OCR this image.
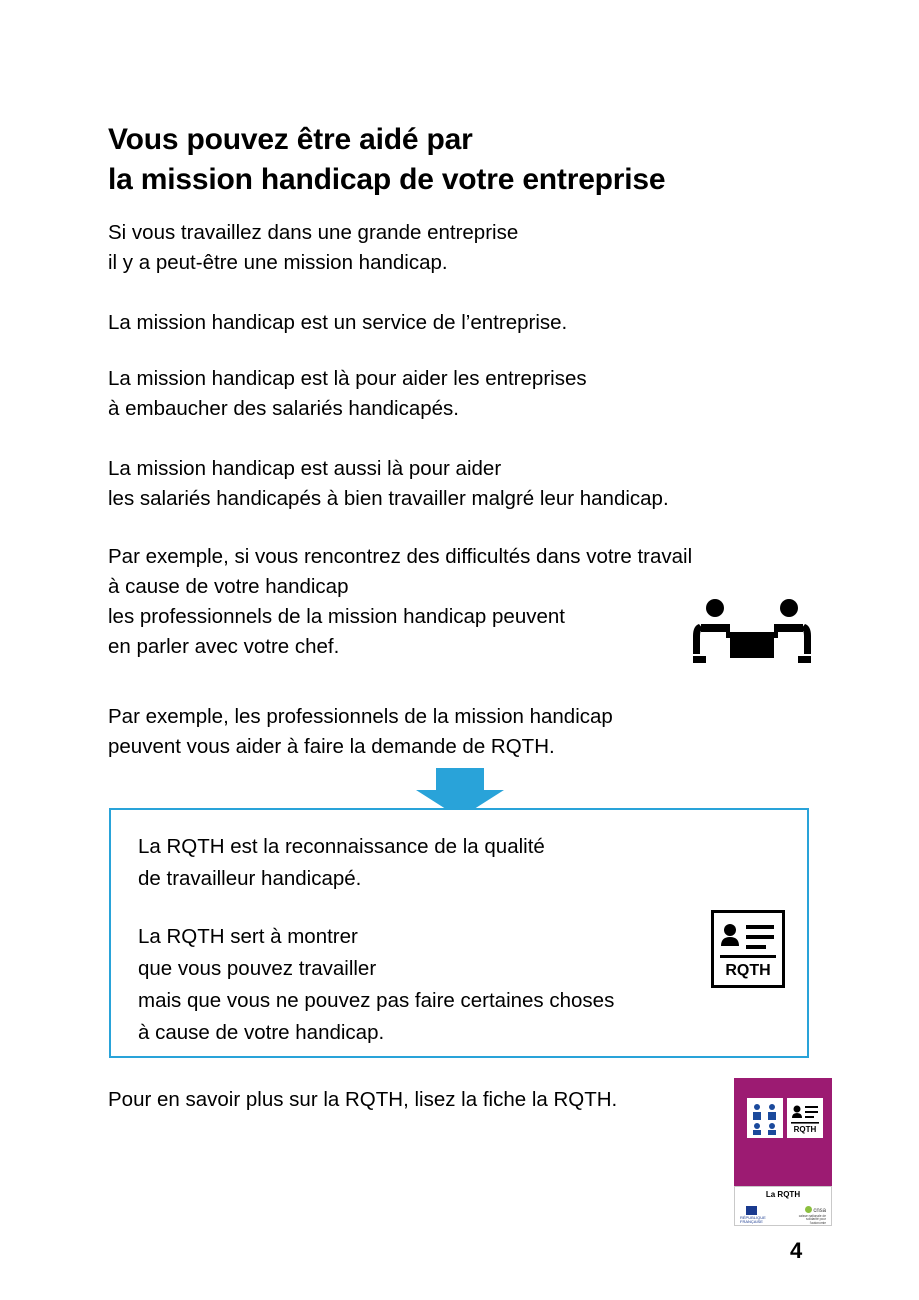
Vous pouvez être aidé par
la mission handicap de votre entreprise
Si vous travaillez dans une grande entreprise
il y a peut-être une mission handicap.
La mission handicap est un service de l’entreprise.
La mission handicap est là pour aider les entreprises
à embaucher des salariés handicapés.
La mission handicap est aussi là pour aider
les salariés handicapés à bien travailler malgré leur handicap.
Par exemple, si vous rencontrez des difficultés dans votre travail
à cause de votre handicap
les professionnels de la mission handicap peuvent
en parler avec votre chef.
Par exemple, les professionnels de la mission handicap
peuvent vous aider à faire la demande de RQTH.
La RQTH est la reconnaissance de la qualité
de travailleur handicapé.
La RQTH sert à montrer
que vous pouvez travailler
mais que vous ne pouvez pas faire certaines choses
à cause de votre handicap.
RQTH
Pour en savoir plus sur la RQTH, lisez la fiche la RQTH.
RQTH
La RQTH
RÉPUBLIQUE FRANÇAISE
cnsa
caisse nationale de solidarité pour l’autonomie
4
